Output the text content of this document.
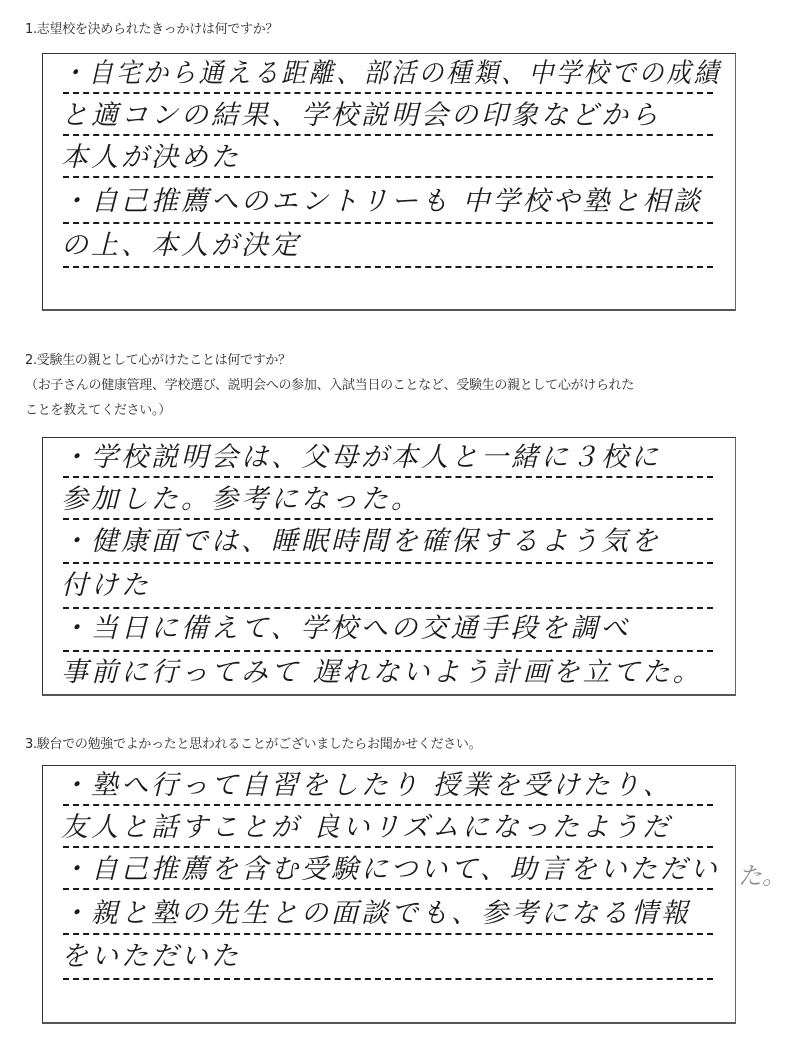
1.志望校を決められたきっかけは何ですか？
・自宅から通える距離、部活の種類、中学校での成績
と適コンの結果、学校説明会の印象などから
本人が決めた
・自己推薦へのエントリーも 中学校や塾と相談
の上、本人が決定
2.受験生の親として心がけたことは何ですか？
（お子さんの健康管理、学校選び、説明会への参加、入試当日のことなど、受験生の親として心がけられた
ことを教えてください。）
・学校説明会は、父母が本人と一緒に３校に
参加した。参考になった。
・健康面では、睡眠時間を確保するよう気を
付けた
・当日に備えて、学校への交通手段を調べ
事前に行ってみて 遅れないよう計画を立てた。
3.駿台での勉強でよかったと思われることがございましたらお聞かせください。
・塾へ行って自習をしたり 授業を受けたり、
友人と話すことが 良いリズムになったようだ
・自己推薦を含む受験について、助言をいただい
・親と塾の先生との面談でも、参考になる情報
をいただいた
た。
